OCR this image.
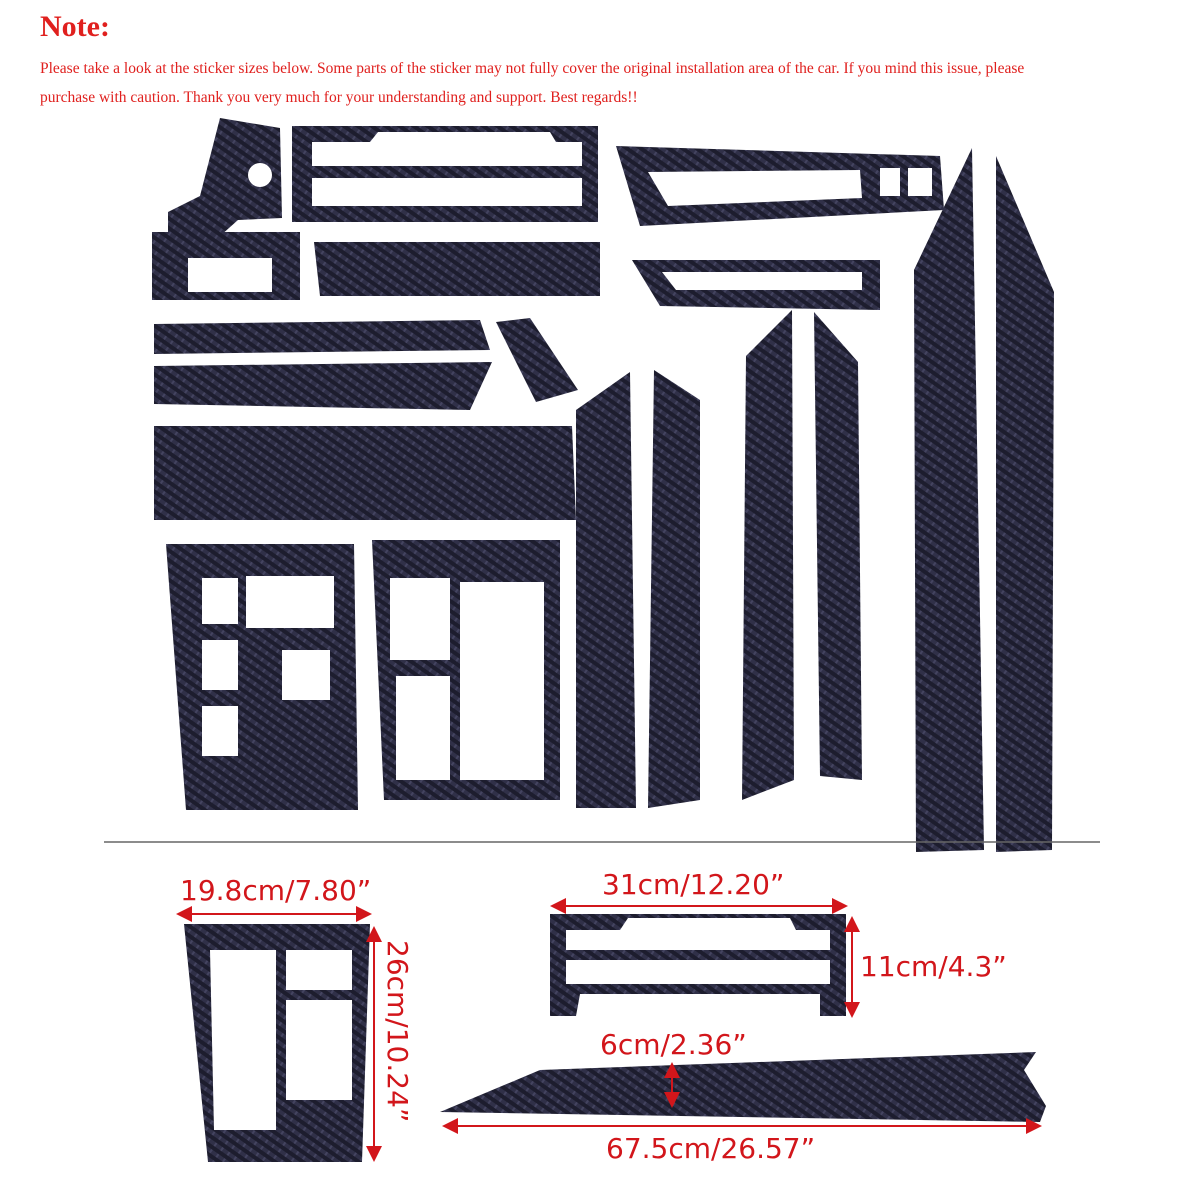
Note:

Please take a look at the sticker sizes below. Some parts of the sticker may not fully cover the original installation area of the car. If you mind this issue, please

purchase with caution. Thank you very much for your understanding and support. Best regards!!

19.8cm/7.80”
26cm/10.24”
31cm/12.20”
11cm/4.3”
6cm/2.36”
67.5cm/26.57”
